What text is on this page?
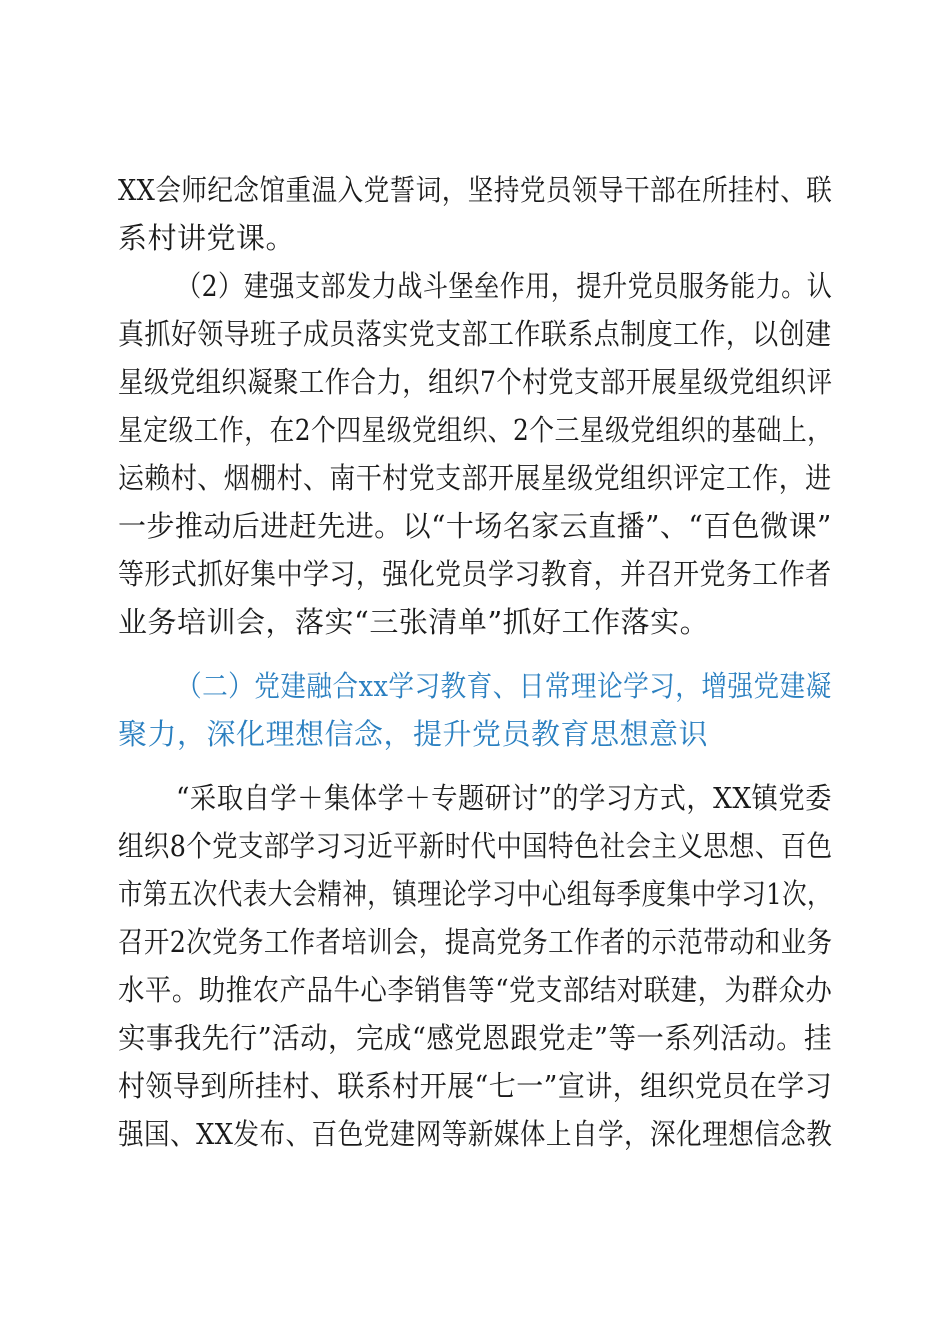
XX会师纪念馆重温入党誓词，坚持党员领导干部在所挂村、联
系村讲党课。
（2）建强支部发力战斗堡垒作用，提升党员服务能力。认
真抓好领导班子成员落实党支部工作联系点制度工作，以创建
星级党组织凝聚工作合力，组织7个村党支部开展星级党组织评
星定级工作，在2个四星级党组织、2个三星级党组织的基础上，
运赖村、烟棚村、南干村党支部开展星级党组织评定工作，进
一步推动后进赶先进。以“十场名家云直播”、“百色微课”
等形式抓好集中学习，强化党员学习教育，并召开党务工作者
业务培训会，落实“三张清单”抓好工作落实。
（二）党建融合xx学习教育、日常理论学习，增强党建凝
聚力，深化理想信念，提升党员教育思想意识
“采取自学＋集体学＋专题研讨”的学习方式，XX镇党委
组织8个党支部学习习近平新时代中国特色社会主义思想、百色
市第五次代表大会精神，镇理论学习中心组每季度集中学习1次，
召开2次党务工作者培训会，提高党务工作者的示范带动和业务
水平。助推农产品牛心李销售等“党支部结对联建，为群众办
实事我先行”活动，完成“感党恩跟党走”等一系列活动。挂
村领导到所挂村、联系村开展“七一”宣讲，组织党员在学习
强国、XX发布、百色党建网等新媒体上自学，深化理想信念教
